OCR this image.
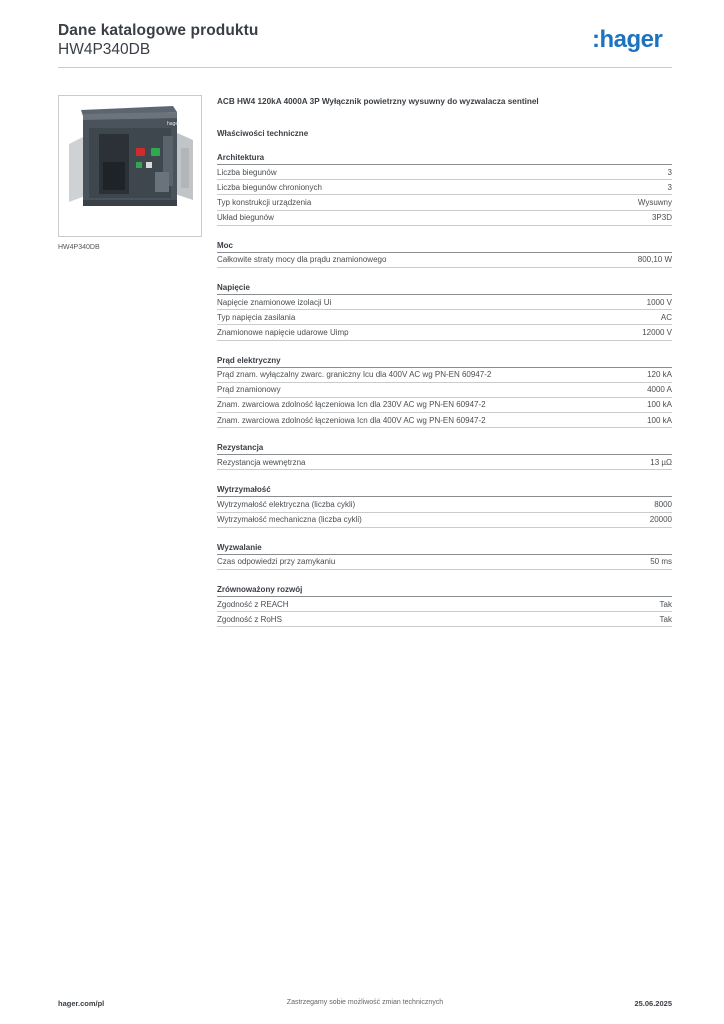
Dane katalogowe produktu
HW4P340DB	:hager
hager
HW4P340DB
ACB HW4 120kA 4000A 3P Wyłącznik powietrzny wysuwny do wyzwalacza sentinel
Właściwości techniczne
Architektura
Liczba biegunów	3
Liczba biegunów chronionych	3
Typ konstrukcji urządzenia	Wysuwny
Układ biegunów	3P3D
Moc
Całkowite straty mocy dla prądu znamionowego	800,10 W
Napięcie
Napięcie znamionowe izolacji Ui	1000 V
Typ napięcia zasilania	AC
Znamionowe napięcie udarowe Uimp	12000 V
Prąd elektryczny
Prąd znam. wyłączalny zwarc. graniczny Icu dla 400V AC wg PN-EN 60947-2	120 kA
Prąd znamionowy	4000 A
Znam. zwarciowa zdolność łączeniowa Icn dla 230V AC wg PN-EN 60947-2	100 kA
Znam. zwarciowa zdolność łączeniowa Icn dla 400V AC wg PN-EN 60947-2	100 kA
Rezystancja
Rezystancja wewnętrzna	13 µΩ
Wytrzymałość
Wytrzymałość elektryczna (liczba cykli)	8000
Wytrzymałość mechaniczna (liczba cykli)	20000
Wyzwalanie
Czas odpowiedzi przy zamykaniu	50 ms
Zrównoważony rozwój
Zgodność z REACH	Tak
Zgodność z RoHS	Tak
hager.com/pl	Zastrzegamy sobie możliwość zmian technicznych	25.06.2025
